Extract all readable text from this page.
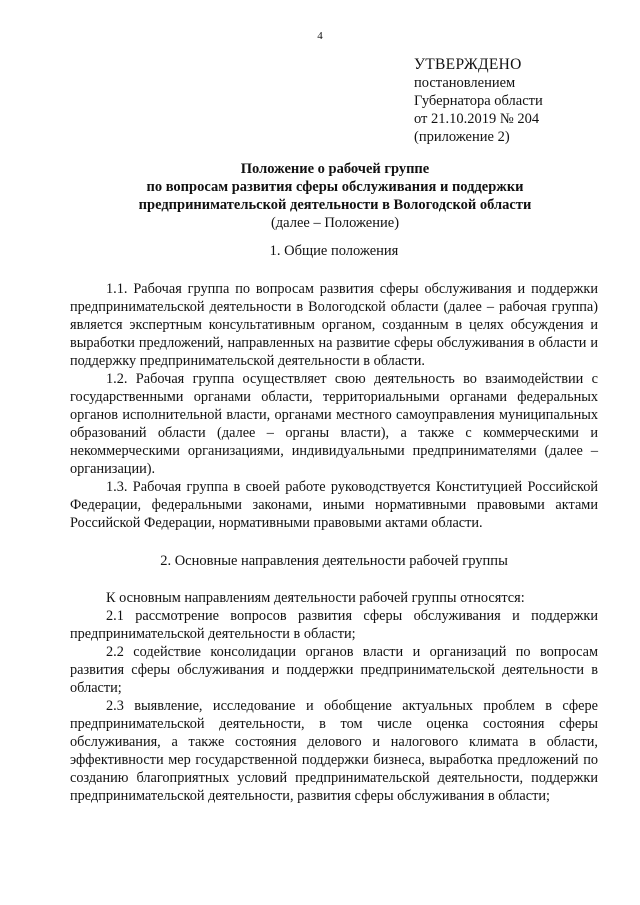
4
УТВЕРЖДЕНО
постановлением
Губернатора области
от 21.10.2019 № 204
(приложение 2)
Положение о рабочей группе
по вопросам развития сферы обслуживания и поддержки
предпринимательской деятельности в Вологодской области
(далее – Положение)
1. Общие положения

1.1. Рабочая группа по вопросам развития сферы обслуживания и поддержки предпринимательской деятельности в Вологодской области (далее – рабочая группа) является экспертным консультативным органом, созданным в целях обсуждения и выработки предложений, направленных на развитие сферы обслуживания в области и поддержку предпринимательской деятельности в области.

1.2. Рабочая группа осуществляет свою деятельность во взаимодействии с государственными органами области, территориальными органами федеральных органов исполнительной власти, органами местного самоуправления муниципальных образований области (далее – органы власти), а также с коммерческими и некоммерческими организациями, индивидуальными предпринимателями (далее – организации).

1.3. Рабочая группа в своей работе руководствуется Конституцией Российской Федерации, федеральными законами, иными нормативными правовыми актами Российской Федерации, нормативными правовыми актами области.

2. Основные направления деятельности рабочей группы

К основным направлениям деятельности рабочей группы относятся:

2.1 рассмотрение вопросов развития сферы обслуживания и поддержки предпринимательской деятельности в области;

2.2 содействие консолидации органов власти и организаций по вопросам развития сферы обслуживания и поддержки предпринимательской деятельности в области;

2.3 выявление, исследование и обобщение актуальных проблем в сфере предпринимательской деятельности, в том числе оценка состояния сферы обслуживания, а также состояния делового и налогового климата в области, эффективности мер государственной поддержки бизнеса, выработка предложений по созданию благоприятных условий предпринимательской деятельности, поддержки предпринимательской деятельности, развития сферы обслуживания в области;
